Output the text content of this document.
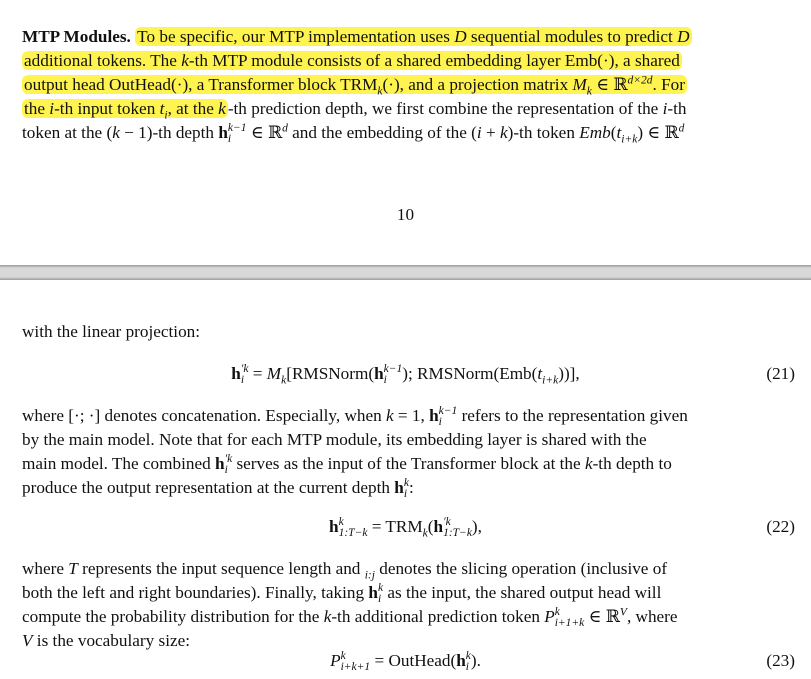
MTP Modules. To be specific, our MTP implementation uses D sequential modules to predict D
additional tokens. The k-th MTP module consists of a shared embedding layer Emb(·), a shared
output head OutHead(·), a Transformer block $TRM_k(\cdot)$, and a projection matrix $M_k$ ∈ ℝ$^{d\times 2d}$. For
the i-th input token $t_i$, at the k -th prediction depth, we first combine the representation of the i-th
token at the (k − 1)-th depth h k−1
i ∈ ℝ$^d$ and the embedding of the (i + k)-th token $Emb(t_{i+k})$ ∈ ℝ$^d$
10
with the linear projection:
h ′k
$i = M_k[RMSNorm(h$ k−1
i ); $RMSNorm(Emb(t_{i+k}))$],	(21)
where [·; ·] denotes concatenation. Especially, when k = 1, h k−1
i refers to the representation given
by the main model. Note that for each MTP module, its embedding layer is shared with the
main model. The combined h ′k
i serves as the input of the Transformer block at the k-th depth to
produce the output representation at the current depth h k
i :
h k
1:T−k = $TRM_k(h$ ′k
1:T−k ),	(22)
where T represents the input sequence length and $_{i:j}$ denotes the slicing operation (inclusive of
both the left and right boundaries). Finally, taking h k
i as the input, the shared output head will
compute the probability distribution for the k-th additional prediction token P k
i+1+k ∈ ℝ$^V$, where
V is the vocabulary size:
P k
i+k+1 = OutHead(h k
i ).	(23)
